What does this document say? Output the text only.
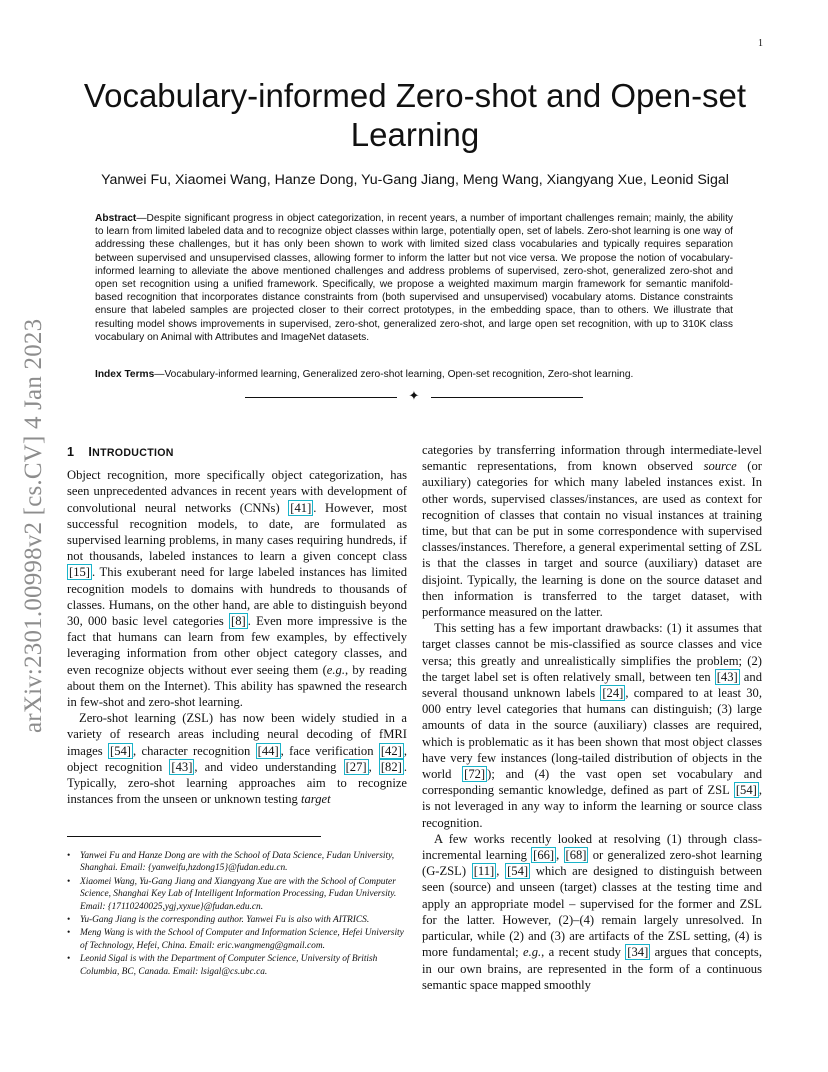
1
arXiv:2301.00998v2 [cs.CV] 4 Jan 2023
Vocabulary-informed Zero-shot and Open-set
Learning
Yanwei Fu, Xiaomei Wang, Hanze Dong, Yu-Gang Jiang, Meng Wang, Xiangyang Xue, Leonid Sigal

Abstract—Despite significant progress in object categorization, in recent years, a number of important challenges remain; mainly, the ability to learn from limited labeled data and to recognize object classes within large, potentially open, set of labels. Zero-shot learning is one way of addressing these challenges, but it has only been shown to work with limited sized class vocabularies and typically requires separation between supervised and unsupervised classes, allowing former to inform the latter but not vice versa. We propose the notion of vocabulary-informed learning to alleviate the above mentioned challenges and address problems of supervised, zero-shot, generalized zero-shot and open set recognition using a unified framework. Specifically, we propose a weighted maximum margin framework for semantic manifold-based recognition that incorporates distance constraints from (both supervised and unsupervised) vocabulary atoms. Distance constraints ensure that labeled samples are projected closer to their correct prototypes, in the embedding space, than to others. We illustrate that resulting model shows improvements in supervised, zero-shot, generalized zero-shot, and large open set recognition, with up to 310K class vocabulary on Animal with Attributes and ImageNet datasets.

Index Terms—Vocabulary-informed learning, Generalized zero-shot learning, Open-set recognition, Zero-shot learning.

✦
1 INTRODUCTION

Object recognition, more specifically object categorization, has seen unprecedented advances in recent years with development of convolutional neural networks (CNNs) [41] . However, most successful recognition models, to date, are formulated as supervised learning problems, in many cases requiring hundreds, if not thousands, labeled instances to learn a given concept class [15] . This exuberant need for large labeled instances has limited recognition models to domains with hundreds to thousands of classes. Humans, on the other hand, are able to distinguish beyond 30, 000 basic level categories [8] . Even more impressive is the fact that humans can learn from few examples, by effectively leveraging information from other object category classes, and even recognize objects without ever seeing them (e.g., by reading about them on the Internet). This ability has spawned the research in few-shot and zero-shot learning.

Zero-shot learning (ZSL) has now been widely studied in a variety of research areas including neural decoding of fMRI images [54] , character recognition [44] , face verification [42] , object recognition [43] , and video understanding [27] , [82] . Typically, zero-shot learning approaches aim to recognize instances from the unseen or unknown testing target

• Yanwei Fu and Hanze Dong are with the School of Data Science, Fudan University, Shanghai. Email: {yanweifu,hzdong15}@fudan.edu.cn.
• Xiaomei Wang, Yu-Gang Jiang and Xiangyang Xue are with the School of Computer Science, Shanghai Key Lab of Intelligent Information Processing, Fudan University. Email: {17110240025,ygj,xyxue}@fudan.edu.cn.
• Yu-Gang Jiang is the corresponding author. Yanwei Fu is also with AITRICS.
• Meng Wang is with the School of Computer and Information Science, Hefei University of Technology, Hefei, China. Email: eric.wangmeng@gmail.com.
• Leonid Sigal is with the Department of Computer Science, University of British Columbia, BC, Canada. Email: lsigal@cs.ubc.ca.

categories by transferring information through intermediate-level semantic representations, from known observed source (or auxiliary) categories for which many labeled instances exist. In other words, supervised classes/instances, are used as context for recognition of classes that contain no visual instances at training time, but that can be put in some correspondence with supervised classes/instances. Therefore, a general experimental setting of ZSL is that the classes in target and source (auxiliary) dataset are disjoint. Typically, the learning is done on the source dataset and then information is transferred to the target dataset, with performance measured on the latter.

This setting has a few important drawbacks: (1) it assumes that target classes cannot be mis-classified as source classes and vice versa; this greatly and unrealistically simplifies the problem; (2) the target label set is often relatively small, between ten [43] and several thousand unknown labels [24] , compared to at least 30, 000 entry level categories that humans can distinguish; (3) large amounts of data in the source (auxiliary) classes are required, which is problematic as it has been shown that most object classes have very few instances (long-tailed distribution of objects in the world [72] ); and (4) the vast open set vocabulary and corresponding semantic knowledge, defined as part of ZSL [54] , is not leveraged in any way to inform the learning or source class recognition.

A few works recently looked at resolving (1) through class-incremental learning [66] , [68] or generalized zero-shot learning (G-ZSL) [11] , [54] which are designed to distinguish between seen (source) and unseen (target) classes at the testing time and apply an appropriate model – supervised for the former and ZSL for the latter. However, (2)–(4) remain largely unresolved. In particular, while (2) and (3) are artifacts of the ZSL setting, (4) is more fundamental; e.g., a recent study [34] argues that concepts, in our own brains, are represented in the form of a continuous semantic space mapped smoothly
